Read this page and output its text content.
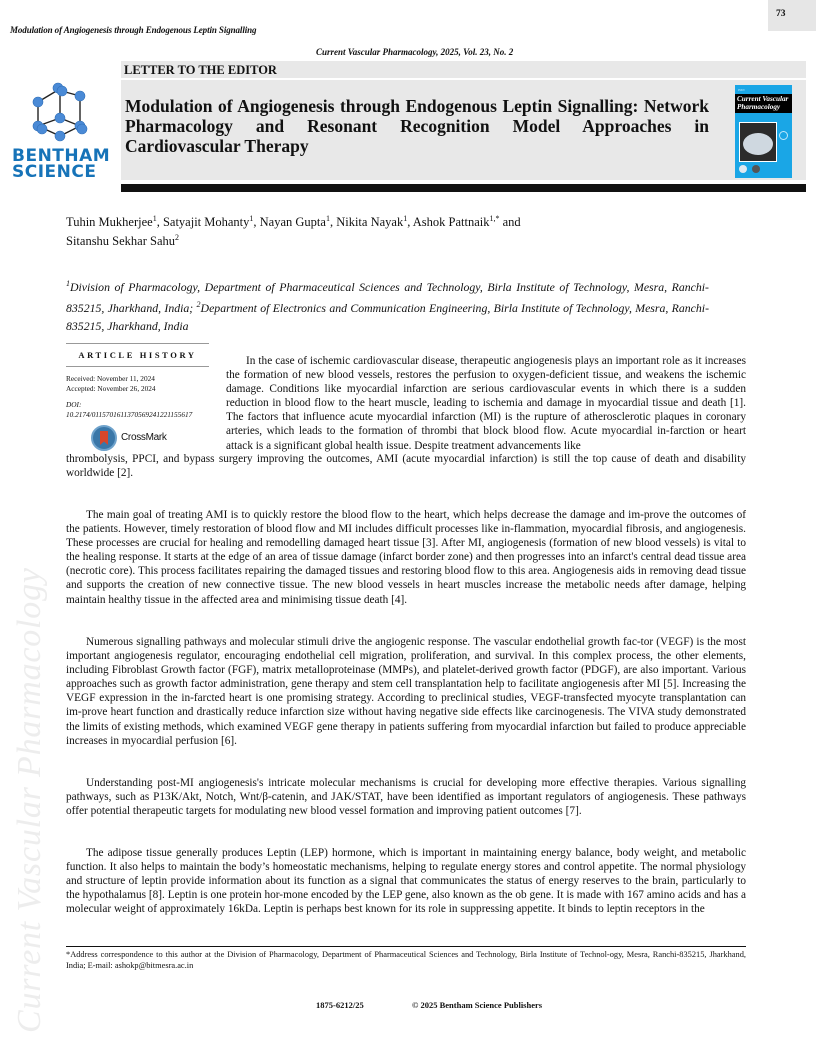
Modulation of Angiogenesis through Endogenous Leptin Signalling
73
Current Vascular Pharmacology, 2025, Vol. 23, No. 2
BENTHAM
SCIENCE
LETTER TO THE EDITOR
Modulation of Angiogenesis through Endogenous Leptin Signalling: Network Pharmacology and Resonant Recognition Model Approaches in Cardiovascular Therapy
ISSN
Current Vascular Pharmacology
Tuhin Mukherjee$^1$, Satyajit Mohanty$^1$, Nayan Gupta$^1$, Nikita Nayak$^1$, Ashok Pattnaik$^{1,*}$ and
Sitanshu Sekhar Sahu$^2$
$^1$Division of Pharmacology, Department of Pharmaceutical Sciences and Technology, Birla Institute of Technology, Mesra, Ranchi-835215, Jharkhand, India; $^2$Department of Electronics and Communication Engineering, Birla Institute of Technology, Mesra, Ranchi-835215, Jharkhand, India
ARTICLE HISTORY
Received: November 11, 2024
Accepted: November 26, 2024
DOI:
10.2174/0115701611370569241221155617
CrossMark

In the case of ischemic cardiovascular disease, therapeutic angiogenesis plays an important role as it increases the formation of new blood vessels, restores the perfusion to oxygen-deficient tissue, and weakens the ischemic damage. Conditions like myocardial infarction are serious cardiovascular events in which there is a sudden reduction in blood flow to the heart muscle, leading to ischemia and damage in myocardial tissue and death [1]. The factors that influence acute myocardial infarction (MI) is the rupture of atherosclerotic plaques in coronary arteries, which leads to the formation of thrombi that block blood flow. Acute myocardial in-farction or heart attack is a significant global health issue. Despite treatment advancements like

thrombolysis, PPCI, and bypass surgery improving the outcomes, AMI (acute myocardial infarction) is still the top cause of death and disability worldwide [2].

The main goal of treating AMI is to quickly restore the blood flow to the heart, which helps decrease the damage and im-prove the outcomes of the patients. However, timely restoration of blood flow and MI includes difficult processes like in-flammation, myocardial fibrosis, and angiogenesis. These processes are crucial for healing and remodelling damaged heart tissue [3]. After MI, angiogenesis (formation of new blood vessels) is vital to the healing response. It starts at the edge of an area of tissue damage (infarct border zone) and then progresses into an infarct's central dead tissue area (necrotic core). This process facilitates repairing the damaged tissues and restoring blood flow to this area. Angiogenesis aids in removing dead tissue and supports the creation of new connective tissue. The new blood vessels in heart muscles increase the metabolic needs after damage, helping maintain healthy tissue in the affected area and minimising tissue death [4].

Numerous signalling pathways and molecular stimuli drive the angiogenic response. The vascular endothelial growth fac-tor (VEGF) is the most important angiogenesis regulator, encouraging endothelial cell migration, proliferation, and survival. In this complex process, the other elements, including Fibroblast Growth factor (FGF), matrix metalloproteinase (MMPs), and platelet-derived growth factor (PDGF), are also important. Various approaches such as growth factor administration, gene therapy and stem cell transplantation help to facilitate angiogenesis after MI [5]. Increasing the VEGF expression in the in-farcted heart is one promising strategy. According to preclinical studies, VEGF-transfected myocyte transplantation can im-prove heart function and drastically reduce infarction size without having negative side effects like carcinogenesis. The VIVA study demonstrated the limits of existing methods, which examined VEGF gene therapy in patients suffering from myocardial infarction but failed to produce appreciable increases in myocardial perfusion [6].

Understanding post-MI angiogenesis's intricate molecular mechanisms is crucial for developing more effective therapies. Various signalling pathways, such as P13K/Akt, Notch, Wnt/β-catenin, and JAK/STAT, have been identified as important regulators of angiogenesis. These pathways offer potential therapeutic targets for modulating new blood vessel formation and improving patient outcomes [7].

The adipose tissue generally produces Leptin (LEP) hormone, which is important in maintaining energy balance, body weight, and metabolic function. It also helps to maintain the body’s homeostatic mechanisms, helping to regulate energy stores and control appetite. The normal physiology and structure of leptin provide information about its function as a signal that communicates the status of energy reserves to the brain, particularly to the hypothalamus [8]. Leptin is one protein hor-mone encoded by the LEP gene, also known as the ob gene. It is made with 167 amino acids and has a molecular weight of approximately 16kDa. Leptin is perhaps best known for its role in suppressing appetite. It binds to leptin receptors in the

*Address correspondence to this author at the Division of Pharmacology, Department of Pharmaceutical Sciences and Technology, Birla Institute of Technol-ogy, Mesra, Ranchi-835215, Jharkhand, India; E-mail: ashokp@bitmesra.ac.in
1875-6212/25	© 2025 Bentham Science Publishers
Current Vascular Pharmacology
